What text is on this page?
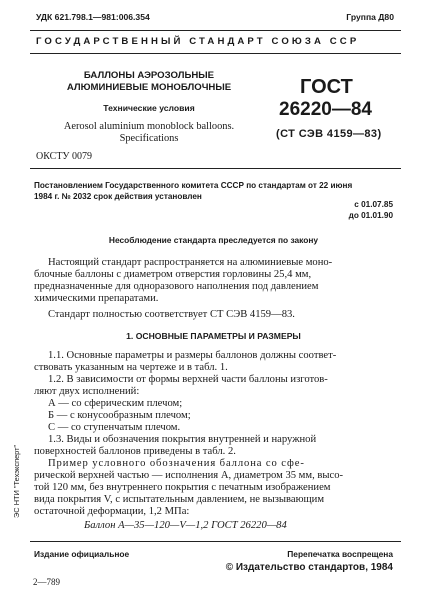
УДК 621.798.1—981:006.354	Группа Д80
ГОСУДАРСТВЕННЫЙ СТАНДАРТ СОЮЗА ССР
БАЛЛОНЫ АЭРОЗОЛЬНЫЕ
АЛЮМИНИЕВЫЕ МОНОБЛОЧНЫЕ
Технические условия
Aerosol aluminium monoblock balloons.
Specifications
ГОСТ
26220—84
(СТ СЭВ 4159—83)
ОКСТУ 0079
Постановлением Государственного комитета СССР по стандартам от 22 июня
1984 г. № 2032 срок действия установлен
с 01.07.85
до 01.01.90
Несоблюдение стандарта преследуется по закону
Настоящий стандарт распространяется на алюминиевые моно-
блочные баллоны с диаметром отверстия горловины 25,4 мм,
предназначенные для одноразового наполнения под давлением
химическими препаратами.
Стандарт полностью соответствует СТ СЭВ 4159—83.
1. ОСНОВНЫЕ ПАРАМЕТРЫ И РАЗМЕРЫ
1.1. Основные параметры и размеры баллонов должны соответ-
ствовать указанным на чертеже и в табл. 1.
1.2. В зависимости от формы верхней части баллоны изготов-
ляют двух исполнений:
А — со сферическим плечом;
Б — с конусообразным плечом;
С — со ступенчатым плечом.
1.3. Виды и обозначения покрытия внутренней и наружной
поверхностей баллонов приведены в табл. 2.
Пример условного обозначения баллона со сфе-
рической верхней частью — исполнения А, диаметром 35 мм, высо-
той 120 мм, без внутреннего покрытия с печатным изображением
вида покрытия V, с испытательным давлением, не вызывающим
остаточной деформации, 1,2 МПа:
Баллон А—35—120—V—1,2 ГОСТ 26220—84
Издание официальное	Перепечатка воспрещена
© Издательство стандартов, 1984
2—789
ЭС НТИ "Техэксперт"
